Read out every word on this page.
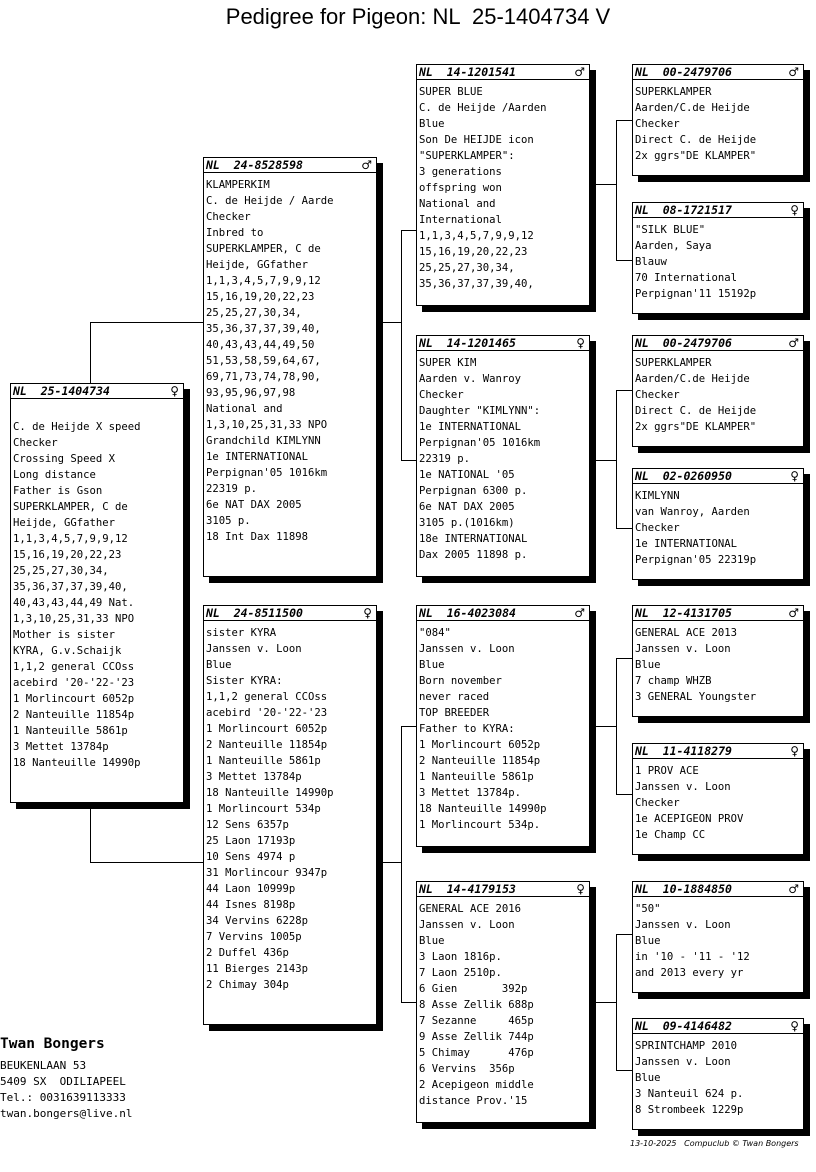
Pedigree for Pigeon: NL  25-1404734 V
NL  25-1404734	♀
C. de Heijde X speed
Checker
Crossing Speed X
Long distance
Father is Gson
SUPERKLAMPER, C de
Heijde, GGfather
1,1,3,4,5,7,9,9,12
15,16,19,20,22,23
25,25,27,30,34,
35,36,37,37,39,40,
40,43,43,44,49 Nat.
1,3,10,25,31,33 NPO
Mother is sister
KYRA, G.v.Schaijk
1,1,2 general CCOss
acebird '20-'22-'23
1 Morlincourt 6052p
2 Nanteuille 11854p
1 Nanteuille 5861p
3 Mettet 13784p
18 Nanteuille 14990p
NL  24-8528598	♂
KLAMPERKIM
C. de Heijde / Aarde
Checker
Inbred to
SUPERKLAMPER, C de
Heijde, GGfather
1,1,3,4,5,7,9,9,12
15,16,19,20,22,23
25,25,27,30,34,
35,36,37,37,39,40,
40,43,43,44,49,50
51,53,58,59,64,67,
69,71,73,74,78,90,
93,95,96,97,98
National and
1,3,10,25,31,33 NPO
Grandchild KIMLYNN
1e INTERNATIONAL
Perpignan'05 1016km
22319 p.
6e NAT DAX 2005
3105 p.
18 Int Dax 11898
NL  24-8511500	♀
sister KYRA
Janssen v. Loon
Blue
Sister KYRA:
1,1,2 general CCOss
acebird '20-'22-'23
1 Morlincourt 6052p
2 Nanteuille 11854p
1 Nanteuille 5861p
3 Mettet 13784p
18 Nanteuille 14990p
1 Morlincourt 534p
12 Sens 6357p
25 Laon 17193p
10 Sens 4974 p
31 Morlincour 9347p
44 Laon 10999p
44 Isnes 8198p
34 Vervins 6228p
7 Vervins 1005p
2 Duffel 436p
11 Bierges 2143p
2 Chimay 304p
NL  14-1201541	♂
SUPER BLUE
C. de Heijde /Aarden
Blue
Son De HEIJDE icon
"SUPERKLAMPER":
3 generations
offspring won
National and
International
1,1,3,4,5,7,9,9,12
15,16,19,20,22,23
25,25,27,30,34,
35,36,37,37,39,40,
NL  14-1201465	♀
SUPER KIM
Aarden v. Wanroy
Checker
Daughter "KIMLYNN":
1e INTERNATIONAL
Perpignan'05 1016km
22319 p.
1e NATIONAL '05
Perpignan 6300 p.
6e NAT DAX 2005
3105 p.(1016km)
18e INTERNATIONAL
Dax 2005 11898 p.
NL  16-4023084	♂
"084"
Janssen v. Loon
Blue
Born november
never raced
TOP BREEDER
Father to KYRA:
1 Morlincourt 6052p
2 Nanteuille 11854p
1 Nanteuille 5861p
3 Mettet 13784p.
18 Nanteuille 14990p
1 Morlincourt 534p.
NL  14-4179153	♀
GENERAL ACE 2016
Janssen v. Loon
Blue
3 Laon 1816p.
7 Laon 2510p.
6 Gien       392p
8 Asse Zellik 688p
7 Sezanne     465p
9 Asse Zellik 744p
5 Chimay      476p
6 Vervins  356p
2 Acepigeon middle
distance Prov.'15
NL  00-2479706	♂
SUPERKLAMPER
Aarden/C.de Heijde
Checker
Direct C. de Heijde
2x ggrs"DE KLAMPER"
NL  08-1721517	♀
"SILK BLUE"
Aarden, Saya
Blauw
70 International
Perpignan'11 15192p
NL  00-2479706	♂
SUPERKLAMPER
Aarden/C.de Heijde
Checker
Direct C. de Heijde
2x ggrs"DE KLAMPER"
NL  02-0260950	♀
KIMLYNN
van Wanroy, Aarden
Checker
1e INTERNATIONAL
Perpignan'05 22319p
NL  12-4131705	♂
GENERAL ACE 2013
Janssen v. Loon
Blue
7 champ WHZB
3 GENERAL Youngster
NL  11-4118279	♀
1 PROV ACE
Janssen v. Loon
Checker
1e ACEPIGEON PROV
1e Champ CC
NL  10-1884850	♂
"50"
Janssen v. Loon
Blue
in '10 - '11 - '12
and 2013 every yr
NL  09-4146482	♀
SPRINTCHAMP 2010
Janssen v. Loon
Blue
3 Nanteuil 624 p.
8 Strombeek 1229p
Twan Bongers
BEUKENLAAN 53
5409 SX  ODILIAPEEL
Tel.: 0031639113333
twan.bongers@live.nl
13-10-2025   Compuclub © Twan Bongers
